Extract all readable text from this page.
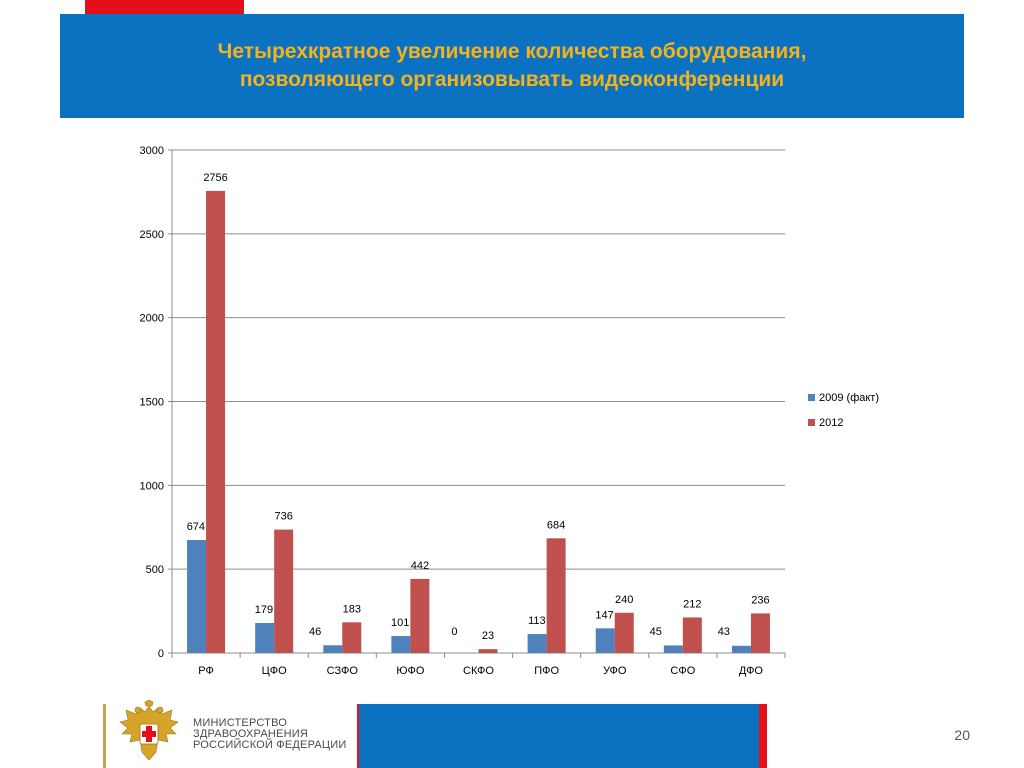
Четырехкратное увеличение количества оборудования,
позволяющего организовывать видеоконференции
0
500
1000
1500
2000
2500
3000
РФ
674
2756
ЦФО
179
736
СЗФО
46
183
ЮФО
101
442
СКФО
0 23
ПФО
113
684
УФО
147
240
СФО
45
212
ДФО
43
236
2009 (факт)
2012
МИНИСТЕРСТВО
ЗДРАВООХРАНЕНИЯ
РОССИЙСКОЙ ФЕДЕРАЦИИ
20
